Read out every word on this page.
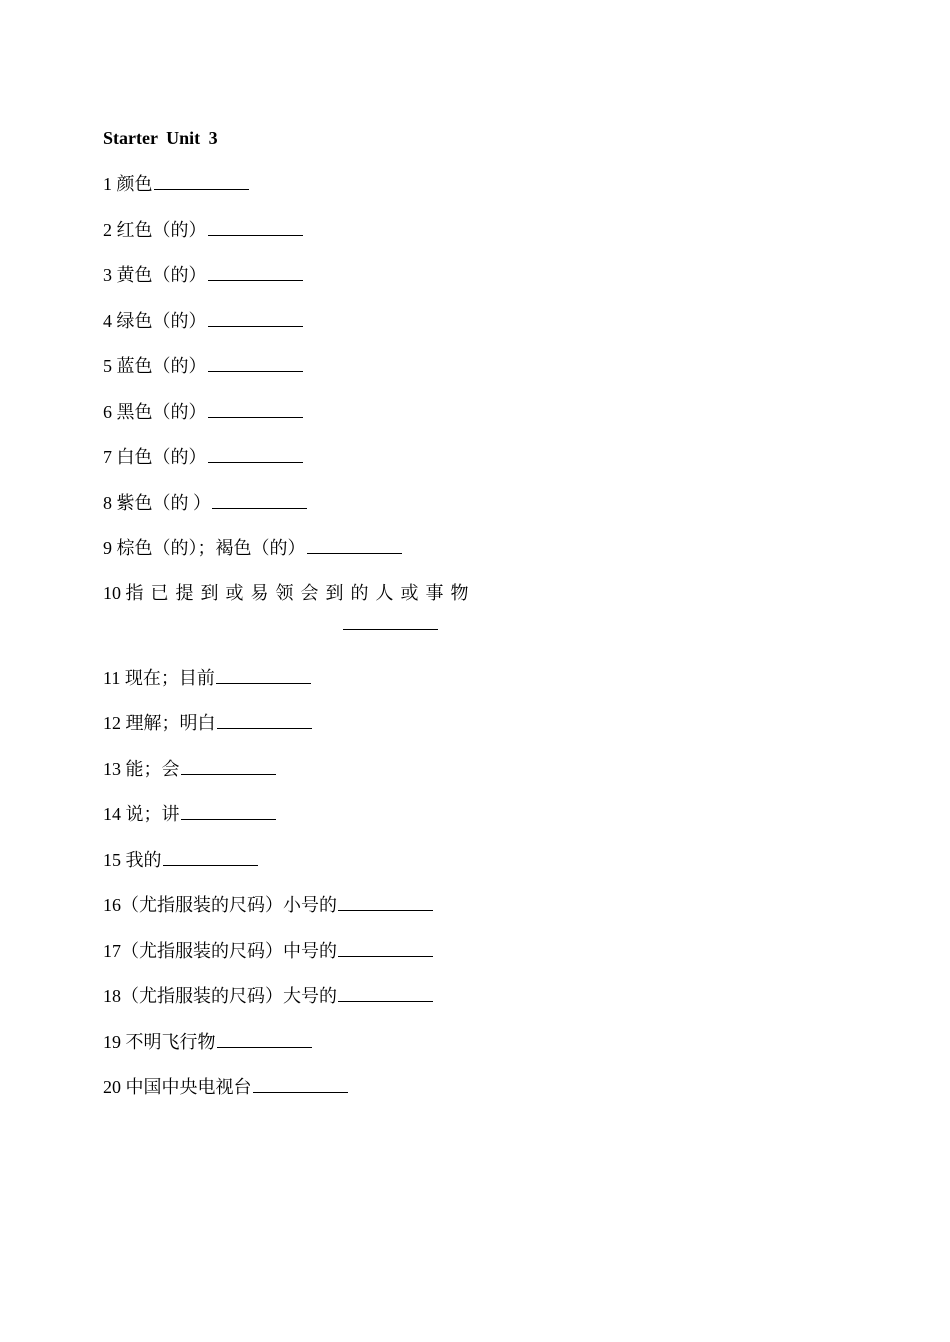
Starter Unit 3
1 颜色
2 红色（的）
3 黄色（的）
4 绿色（的）
5 蓝色（的）
6 黑色（的）
7 白色（的）
8 紫色（的 ）
9 棕色（的）；褐色（的）
10 指已提到或易领会到的人或事物
11 现在；目前
12 理解；明白
13 能；会
14 说；讲
15 我的
16（尤指服装的尺码）小号的
17（尤指服装的尺码）中号的
18（尤指服装的尺码）大号的
19 不明飞行物
20 中国中央电视台
